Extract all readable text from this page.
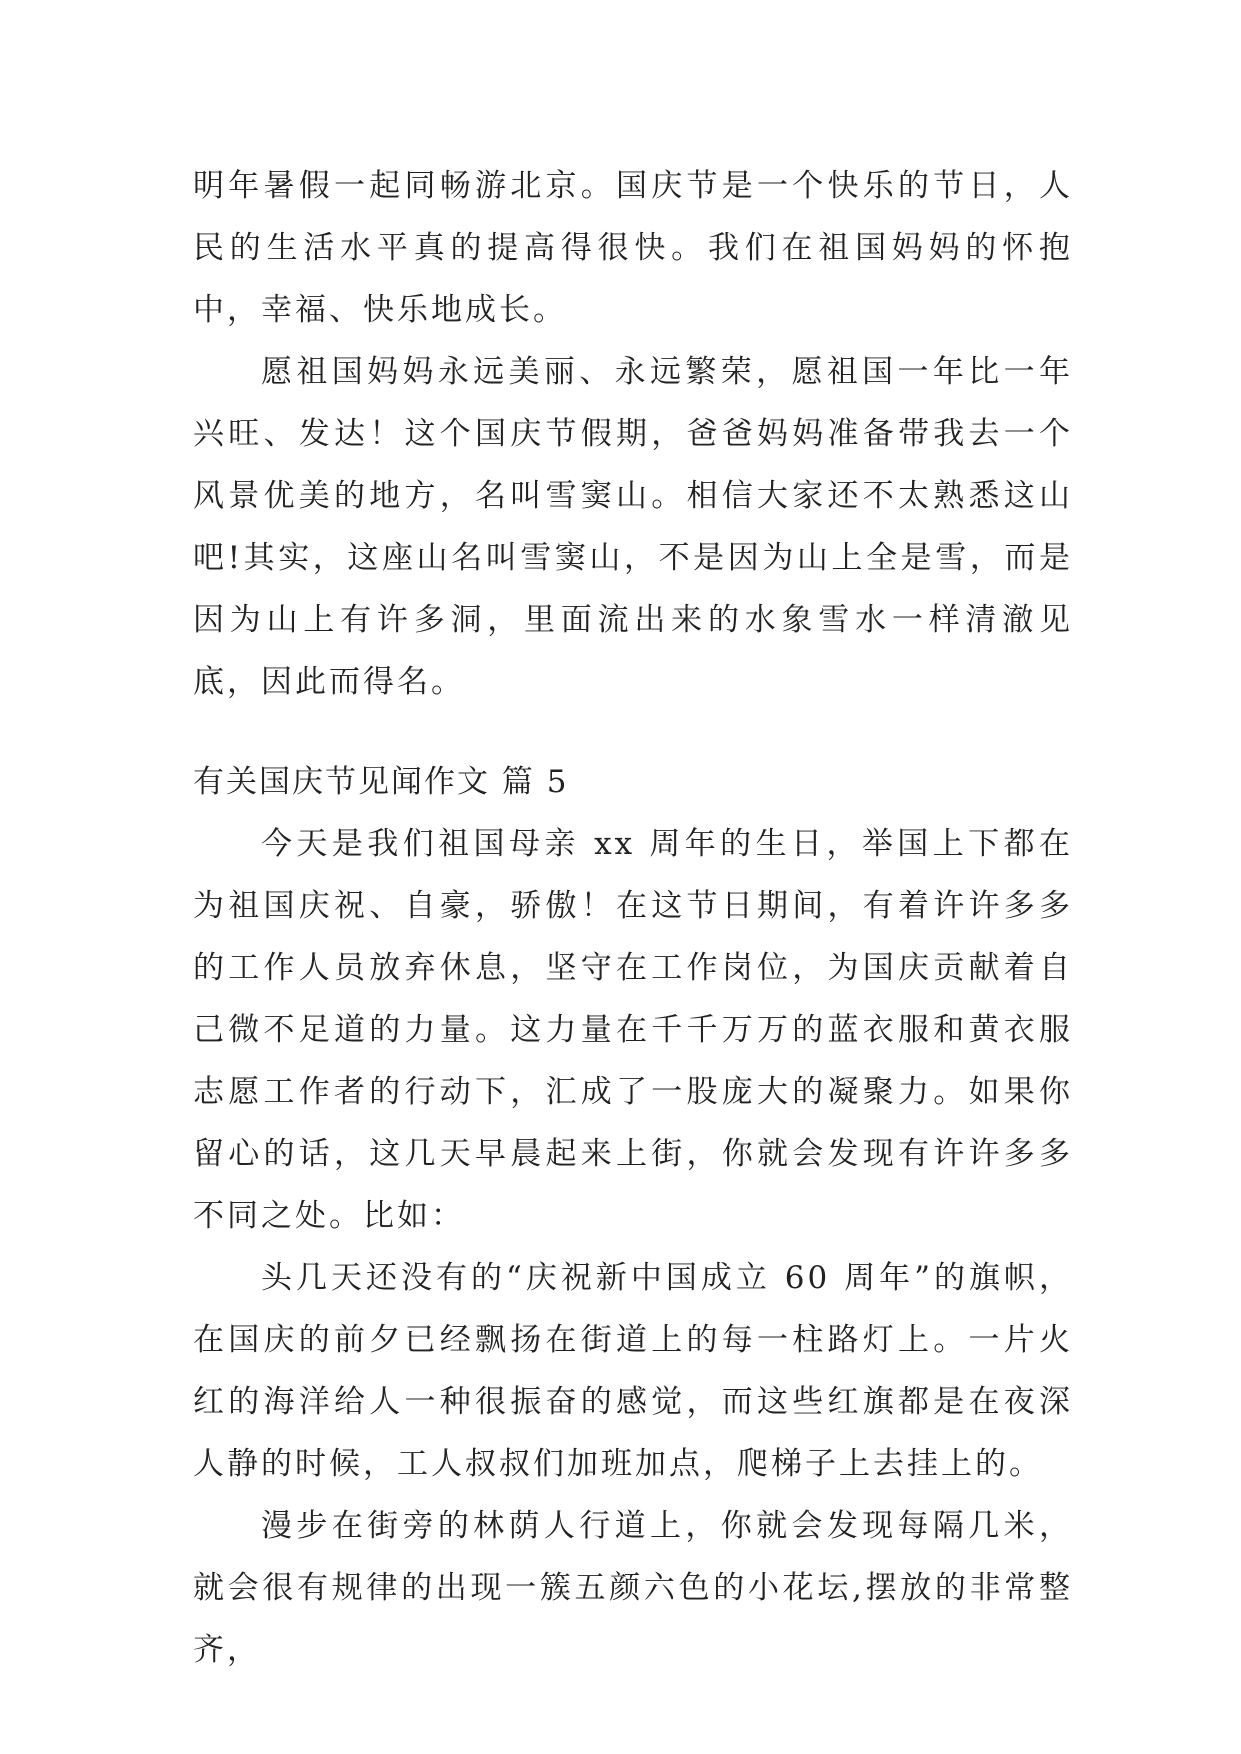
明年暑假一起同畅游北京。国庆节是一个快乐的节日，人民的生活水平真的提高得很快。我们在祖国妈妈的怀抱中，幸福、快乐地成长。

愿祖国妈妈永远美丽、永远繁荣，愿祖国一年比一年兴旺、发达！这个国庆节假期，爸爸妈妈准备带我去一个风景优美的地方，名叫雪窦山。相信大家还不太熟悉这山吧!其实，这座山名叫雪窦山，不是因为山上全是雪，而是因为山上有许多洞，里面流出来的水象雪水一样清澈见底，因此而得名。

有关国庆节见闻作文 篇 5

今天是我们祖国母亲 xx 周年的生日，举国上下都在为祖国庆祝、自豪，骄傲！在这节日期间，有着许许多多的工作人员放弃休息，坚守在工作岗位，为国庆贡献着自己微不足道的力量。这力量在千千万万的蓝衣服和黄衣服志愿工作者的行动下，汇成了一股庞大的凝聚力。如果你留心的话，这几天早晨起来上街，你就会发现有许许多多不同之处。比如：

头几天还没有的“庆祝新中国成立 60 周年”的旗帜，在国庆的前夕已经飘扬在街道上的每一柱路灯上。一片火红的海洋给人一种很振奋的感觉，而这些红旗都是在夜深人静的时候，工人叔叔们加班加点，爬梯子上去挂上的。

漫步在街旁的林荫人行道上，你就会发现每隔几米，就会很有规律的出现一簇五颜六色的小花坛,摆放的非常整齐，
